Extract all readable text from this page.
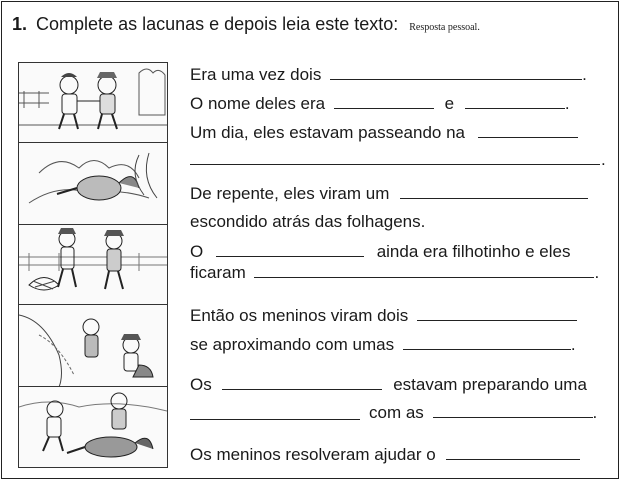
1. Complete as lacunas e depois leia este texto: Resposta pessoal.
Era uma vez dois	.
O nome deles era	e	.
Um dia, eles estavam passeando na
.
De repente, eles viram um
escondido atrás das folhagens.
O	ainda era filhotinho e eles
ficaram	.
Então os meninos viram dois
se aproximando com umas	.
Os	estavam preparando uma
com as	.
Os meninos resolveram ajudar o
